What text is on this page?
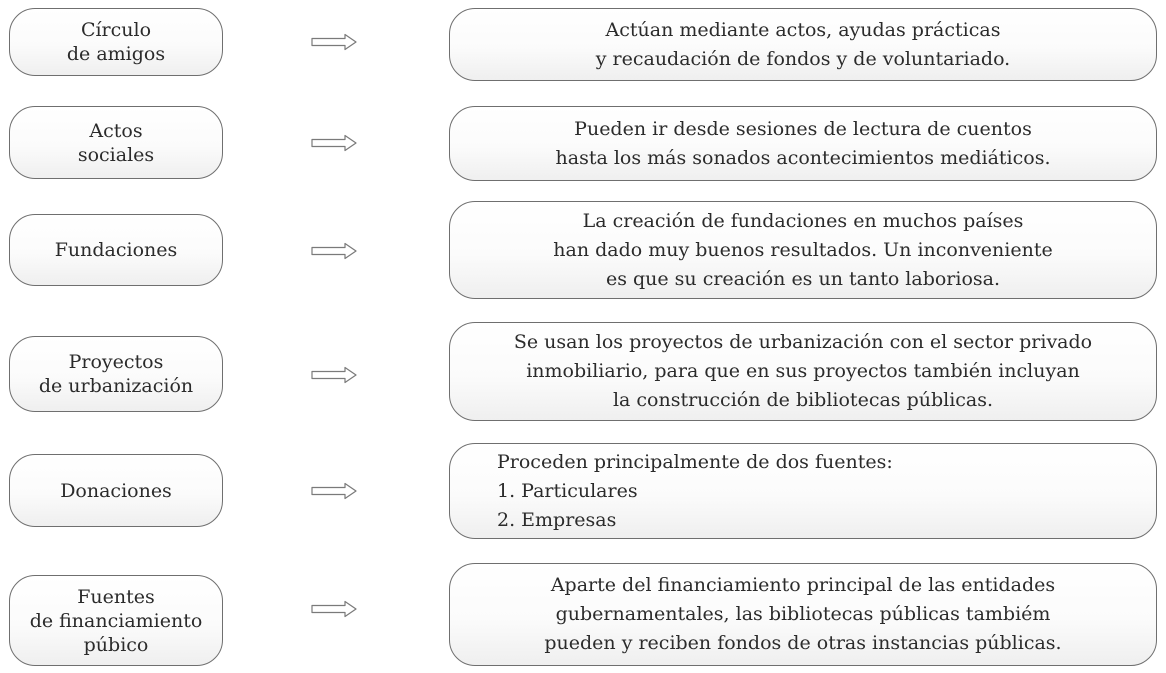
Círculo
de amigos
Actúan mediante actos, ayudas prácticas
y recaudación de fondos y de voluntariado.
Actos
sociales
Pueden ir desde sesiones de lectura de cuentos
hasta los más sonados acontecimientos mediáticos.
Fundaciones
La creación de fundaciones en muchos países
han dado muy buenos resultados. Un inconveniente
es que su creación es un tanto laboriosa.
Proyectos
de urbanización
Se usan los proyectos de urbanización con el sector privado
inmobiliario, para que en sus proyectos también incluyan
la construcción de bibliotecas públicas.
Donaciones
Proceden principalmente de dos fuentes:
1. Particulares
2. Empresas
Fuentes
de financiamiento
púbico
Aparte del financiamiento principal de las entidades
gubernamentales, las bibliotecas públicas tambiém
pueden y reciben fondos de otras instancias públicas.
